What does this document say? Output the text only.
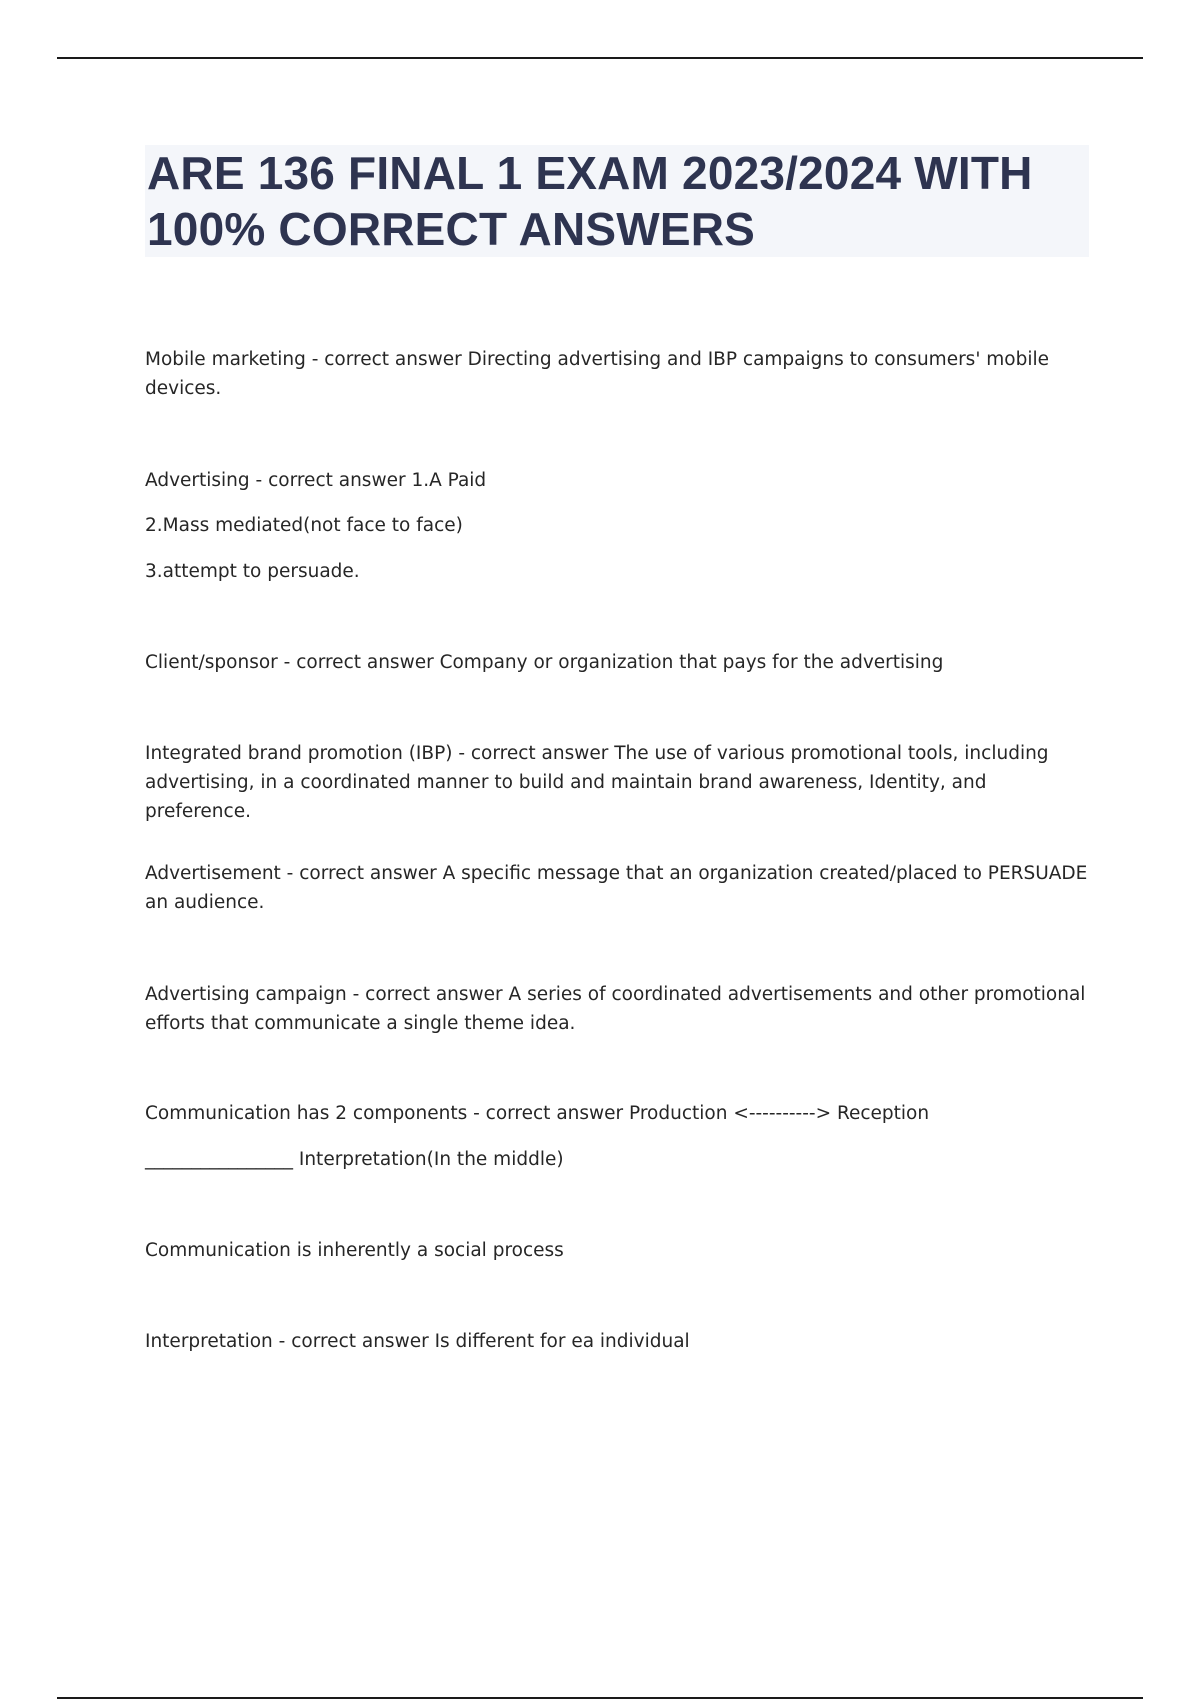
ARE 136 FINAL 1 EXAM 2023/2024 WITH
100% CORRECT ANSWERS

Mobile marketing - correct answer Directing advertising and IBP campaigns to consumers' mobile devices.

Advertising - correct answer 1.A Paid

2.Mass mediated(not face to face)

3.attempt to persuade.

Client/sponsor - correct answer Company or organization that pays for the advertising

Integrated brand promotion (IBP) - correct answer The use of various promotional tools, including advertising, in a coordinated manner to build and maintain brand awareness, Identity, and preference.

Advertisement - correct answer A specific message that an organization created/placed to PERSUADE an audience.

Advertising campaign - correct answer A series of coordinated advertisements and other promotional efforts that communicate a single theme idea.

Communication has 2 components - correct answer Production <----------> Reception

________________ Interpretation(In the middle)

Communication is inherently a social process

Interpretation - correct answer Is different for ea individual
